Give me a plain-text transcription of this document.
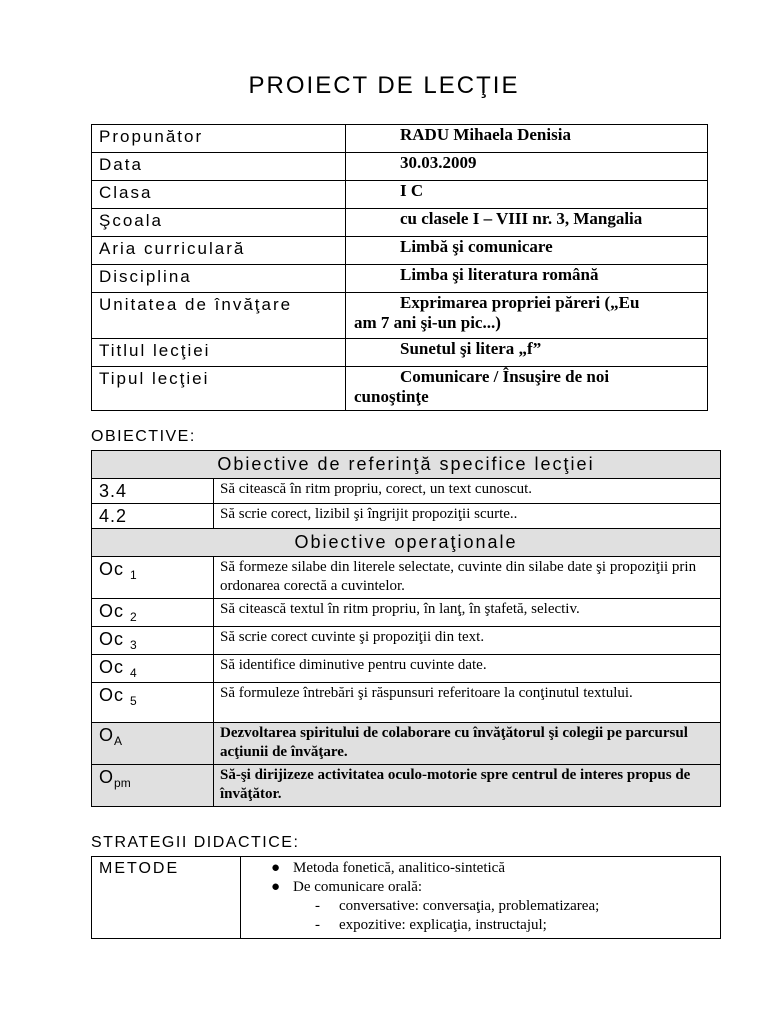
PROIECT DE LECŢIE
Propunător	RADU Mihaela Denisia
Data	30.03.2009
Clasa	I C
Şcoala	cu clasele I – VIII nr. 3, Mangalia
Aria curriculară	Limbă şi comunicare
Disciplina	Limba şi literatura română
Unitatea de învăţare	Exprimarea propriei păreri („Eu
am 7 ani şi-un pic...)
Titlul lecţiei	Sunetul şi litera „f”
Tipul lecţiei	Comunicare / Însuşire de noi
cunoştinţe
OBIECTIVE:
Obiective de referinţă specifice lecţiei	
3.4	Să citească în ritm propriu, corect, un text cunoscut.
4.2	Să scrie corect, lizibil şi îngrijit propoziţii scurte..
Obiective operaţionale	
Oc $_1$	Să formeze silabe din literele selectate, cuvinte din silabe date şi propoziţii prin ordonarea corectă a cuvintelor.
Oc $_2$	Să citească textul în ritm propriu, în lanţ, în ştafetă, selectiv.
Oc $_3$	Să scrie corect cuvinte şi propoziţii din text.
Oc $_4$	Să identifice diminutive pentru cuvinte date.
Oc $_5$	Să formuleze întrebări şi răspunsuri referitoare la conţinutul textului.
$O_A$	Dezvoltarea spiritului de colaborare cu învăţătorul şi colegii pe parcursul acţiunii de învăţare.
$O_{pm}$	Să-şi dirijizeze activitatea oculo-motorie spre centrul de interes propus de învăţător.
STRATEGII DIDACTICE:
METODE	● Metoda fonetică, analitico-sintetică
● De comunicare orală:
- conversative: conversaţia, problematizarea;
- expozitive: explicaţia, instructajul;
